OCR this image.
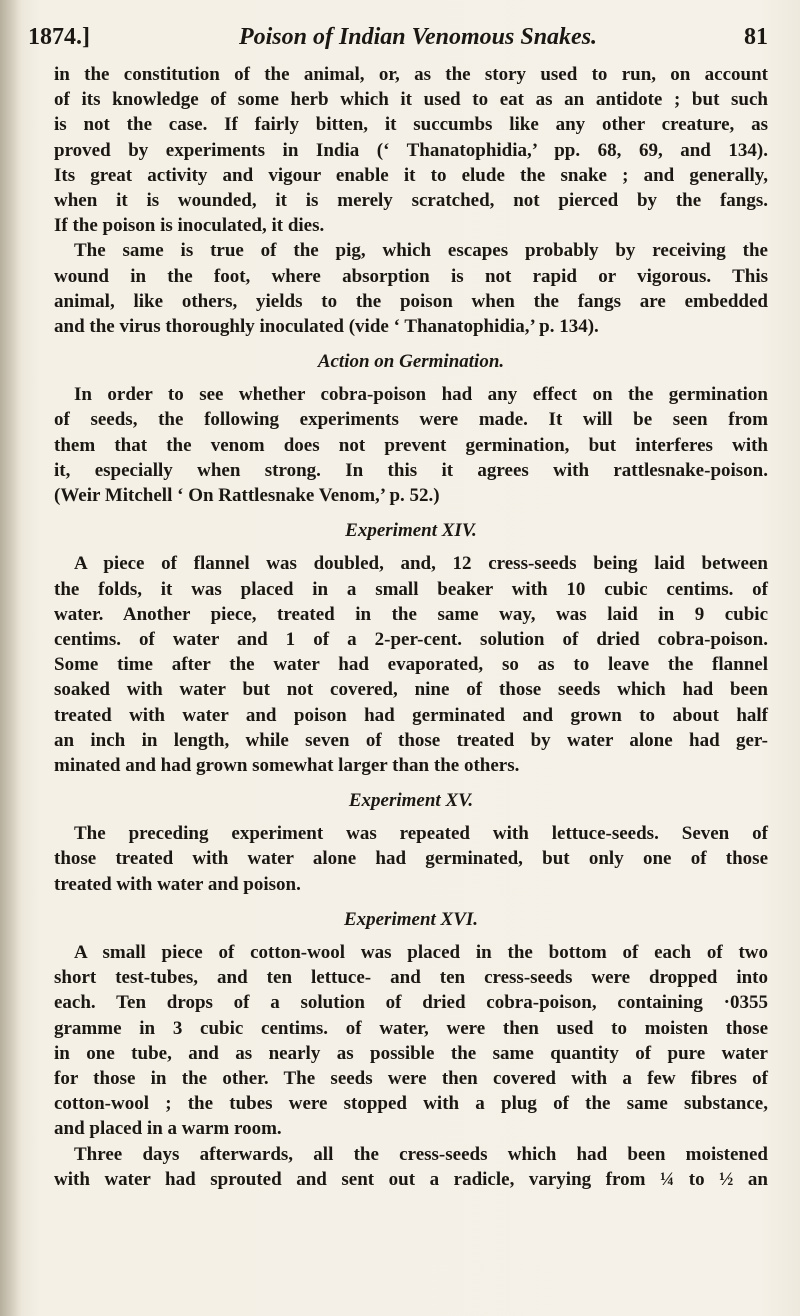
1874.]	Poison of Indian Venomous Snakes.	81
in the constitution of the animal, or, as the story used to run, on account
of its knowledge of some herb which it used to eat as an antidote ; but such
is not the case. If fairly bitten, it succumbs like any other creature, as
proved by experiments in India (‘ Thanatophidia,’ pp. 68, 69, and 134).
Its great activity and vigour enable it to elude the snake ; and generally,
when it is wounded, it is merely scratched, not pierced by the fangs.
If the poison is inoculated, it dies.
The same is true of the pig, which escapes probably by receiving the
wound in the foot, where absorption is not rapid or vigorous. This
animal, like others, yields to the poison when the fangs are embedded
and the virus thoroughly inoculated (vide ‘ Thanatophidia,’ p. 134).
Action on Germination.
In order to see whether cobra-poison had any effect on the germination
of seeds, the following experiments were made. It will be seen from
them that the venom does not prevent germination, but interferes with
it, especially when strong. In this it agrees with rattlesnake-poison.
(Weir Mitchell ‘ On Rattlesnake Venom,’ p. 52.)
Experiment XIV.
A piece of flannel was doubled, and, 12 cress-seeds being laid between
the folds, it was placed in a small beaker with 10 cubic centims. of
water. Another piece, treated in the same way, was laid in 9 cubic
centims. of water and 1 of a 2-per-cent. solution of dried cobra-poison.
Some time after the water had evaporated, so as to leave the flannel
soaked with water but not covered, nine of those seeds which had been
treated with water and poison had germinated and grown to about half
an inch in length, while seven of those treated by water alone had ger-
minated and had grown somewhat larger than the others.
Experiment XV.
The preceding experiment was repeated with lettuce-seeds. Seven of
those treated with water alone had germinated, but only one of those
treated with water and poison.
Experiment XVI.
A small piece of cotton-wool was placed in the bottom of each of two
short test-tubes, and ten lettuce- and ten cress-seeds were dropped into
each. Ten drops of a solution of dried cobra-poison, containing ·0355
gramme in 3 cubic centims. of water, were then used to moisten those
in one tube, and as nearly as possible the same quantity of pure water
for those in the other. The seeds were then covered with a few fibres of
cotton-wool ; the tubes were stopped with a plug of the same substance,
and placed in a warm room.
Three days afterwards, all the cress-seeds which had been moistened
with water had sprouted and sent out a radicle, varying from ¼ to ½ an
